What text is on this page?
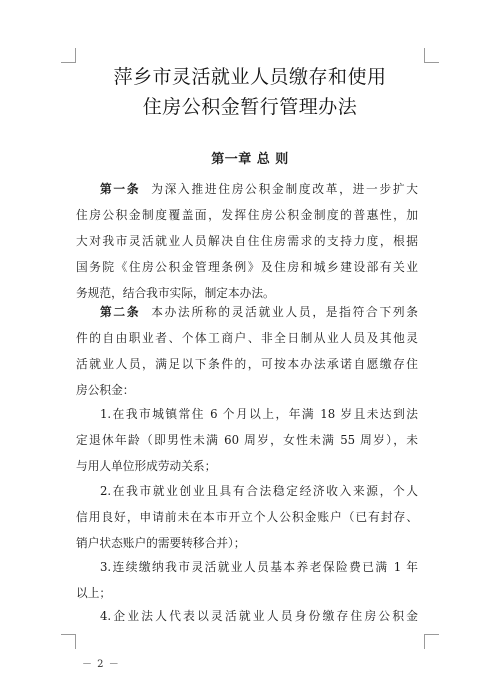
萍乡市灵活就业人员缴存和使用
住房公积金暂行管理办法
第一章 总 则
第一条 为深入推进住房公积金制度改革，进一步扩大
住房公积金制度覆盖面，发挥住房公积金制度的普惠性，加
大对我市灵活就业人员解决自住住房需求的支持力度，根据
国务院《住房公积金管理条例》及住房和城乡建设部有关业
务规范，结合我市实际，制定本办法。
第二条 本办法所称的灵活就业人员，是指符合下列条
件的自由职业者、个体工商户、非全日制从业人员及其他灵
活就业人员，满足以下条件的，可按本办法承诺自愿缴存住
房公积金：
1.在我市城镇常住 6 个月以上，年满 18 岁且未达到法
定退休年龄（即男性未满 60 周岁，女性未满 55 周岁），未
与用人单位形成劳动关系；
2.在我市就业创业且具有合法稳定经济收入来源，个人
信用良好，申请前未在本市开立个人公积金账户（已有封存、
销户状态账户的需要转移合并）；
3.连续缴纳我市灵活就业人员基本养老保险费已满 1 年
以上；
4.企业法人代表以灵活就业人员身份缴存住房公积金
－ 2 －
